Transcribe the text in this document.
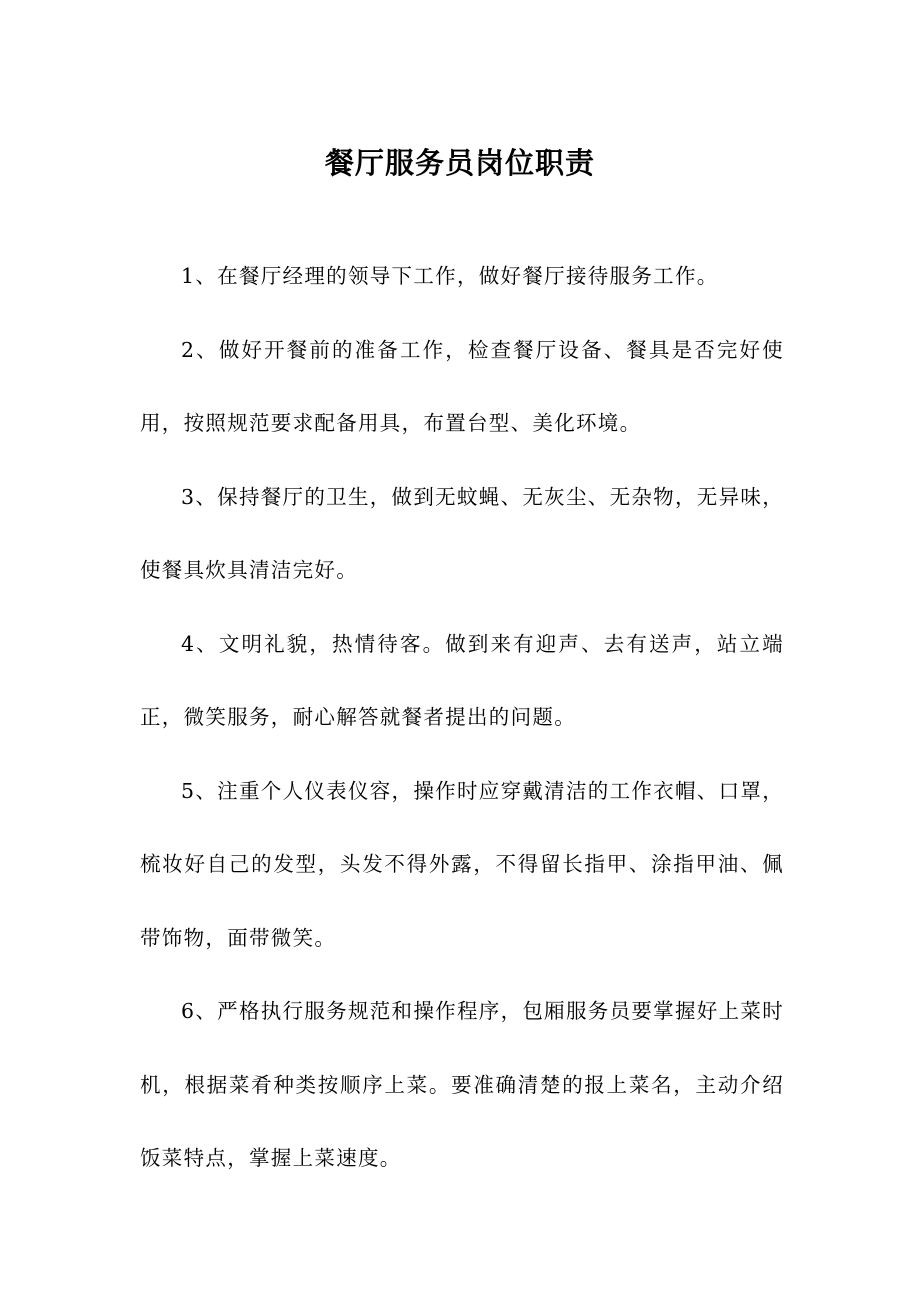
餐厅服务员岗位职责

1、在餐厅经理的领导下工作，做好餐厅接待服务工作。

2、做好开餐前的准备工作，检查餐厅设备、餐具是否完好使用，按照规范要求配备用具，布置台型、美化环境。

3、保持餐厅的卫生，做到无蚊蝇、无灰尘、无杂物，无异味，使餐具炊具清洁完好。

4、文明礼貌，热情待客。做到来有迎声、去有送声，站立端正，微笑服务，耐心解答就餐者提出的问题。

5、注重个人仪表仪容，操作时应穿戴清洁的工作衣帽、口罩，梳妆好自己的发型，头发不得外露，不得留长指甲、涂指甲油、佩带饰物，面带微笑。

6、严格执行服务规范和操作程序，包厢服务员要掌握好上菜时机，根据菜肴种类按顺序上菜。要准确清楚的报上菜名，主动介绍饭菜特点，掌握上菜速度。
